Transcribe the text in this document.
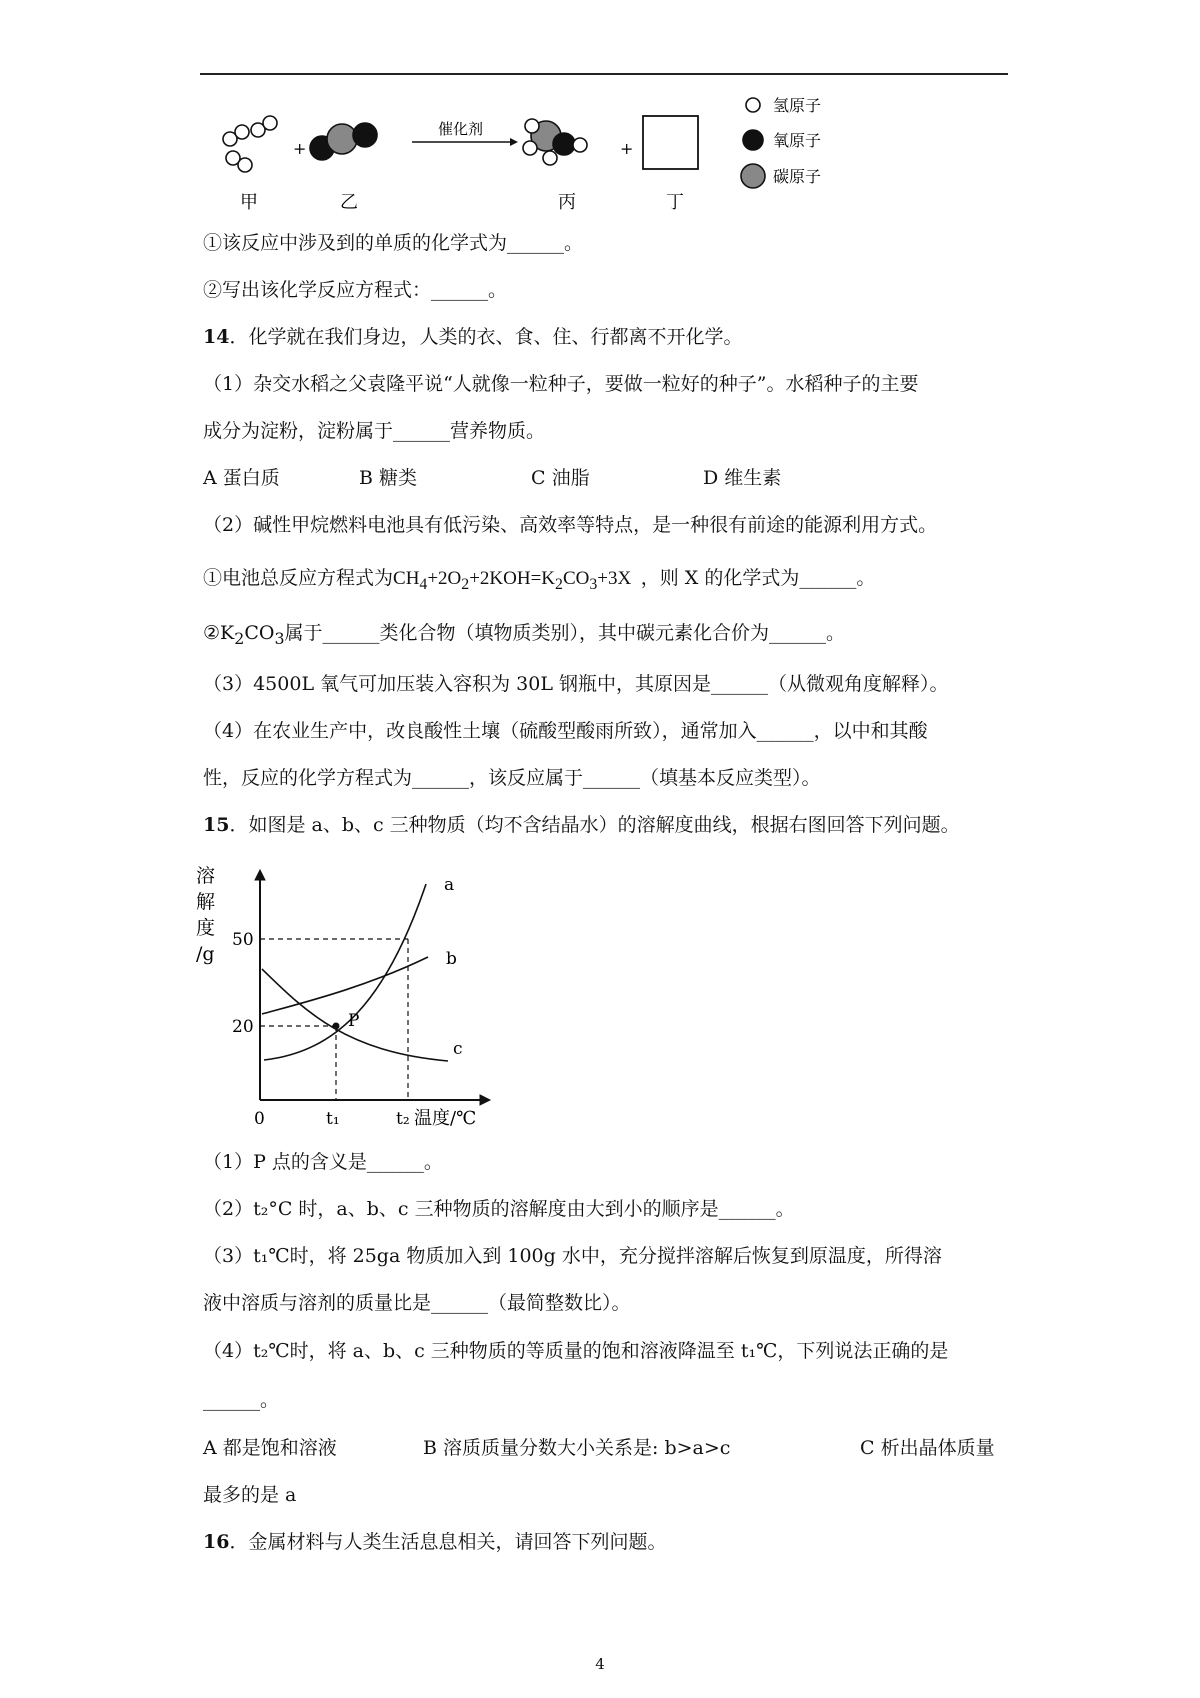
+	+
催化剂
甲	乙	丙	丁
氢原子
氧原子
碳原子
①该反应中涉及到的单质的化学式为______。
②写出该化学反应方程式：______。
14．化学就在我们身边，人类的衣、食、住、行都离不开化学。
（1）杂交水稻之父袁隆平说“人就像一粒种子，要做一粒好的种子”。水稻种子的主要
成分为淀粉，淀粉属于______营养物质。
A 蛋白质	B 糖类	C 油脂	D 维生素
（2）碱性甲烷燃料电池具有低污染、高效率等特点，是一种很有前途的能源利用方式。
①电池总反应方程式为$CH_4+2O_2+2KOH=K_2CO_3+3X$  ，则 X 的化学式为______。
$②K_2CO_3$属于______类化合物（填物质类别），其中碳元素化合价为______。
（3）4500L 氧气可加压装入容积为 30L 钢瓶中，其原因是______（从微观角度解释）。
（4）在农业生产中，改良酸性土壤（硫酸型酸雨所致），通常加入______，以中和其酸
性，反应的化学方程式为______，该反应属于______（填基本反应类型）。
15．如图是 a、b、c 三种物质（均不含结晶水）的溶解度曲线，根据右图回答下列问题。
溶
解
度
/g
50
20
0	t₁	t₂ 温度/℃
a
b
c
P
（1）P 点的含义是______。
（2）t₂°C 时，a、b、c 三种物质的溶解度由大到小的顺序是______。
（3）t₁℃时，将 25ga 物质加入到 100g 水中，充分搅拌溶解后恢复到原温度，所得溶
液中溶质与溶剂的质量比是______（最简整数比）。
（4）t₂℃时，将 a、b、c 三种物质的等质量的饱和溶液降温至 t₁℃，下列说法正确的是
______。
A 都是饱和溶液	B 溶质质量分数大小关系是: b>a>c	C 析出晶体质量
最多的是 a
16．金属材料与人类生活息息相关，请回答下列问题。
4
